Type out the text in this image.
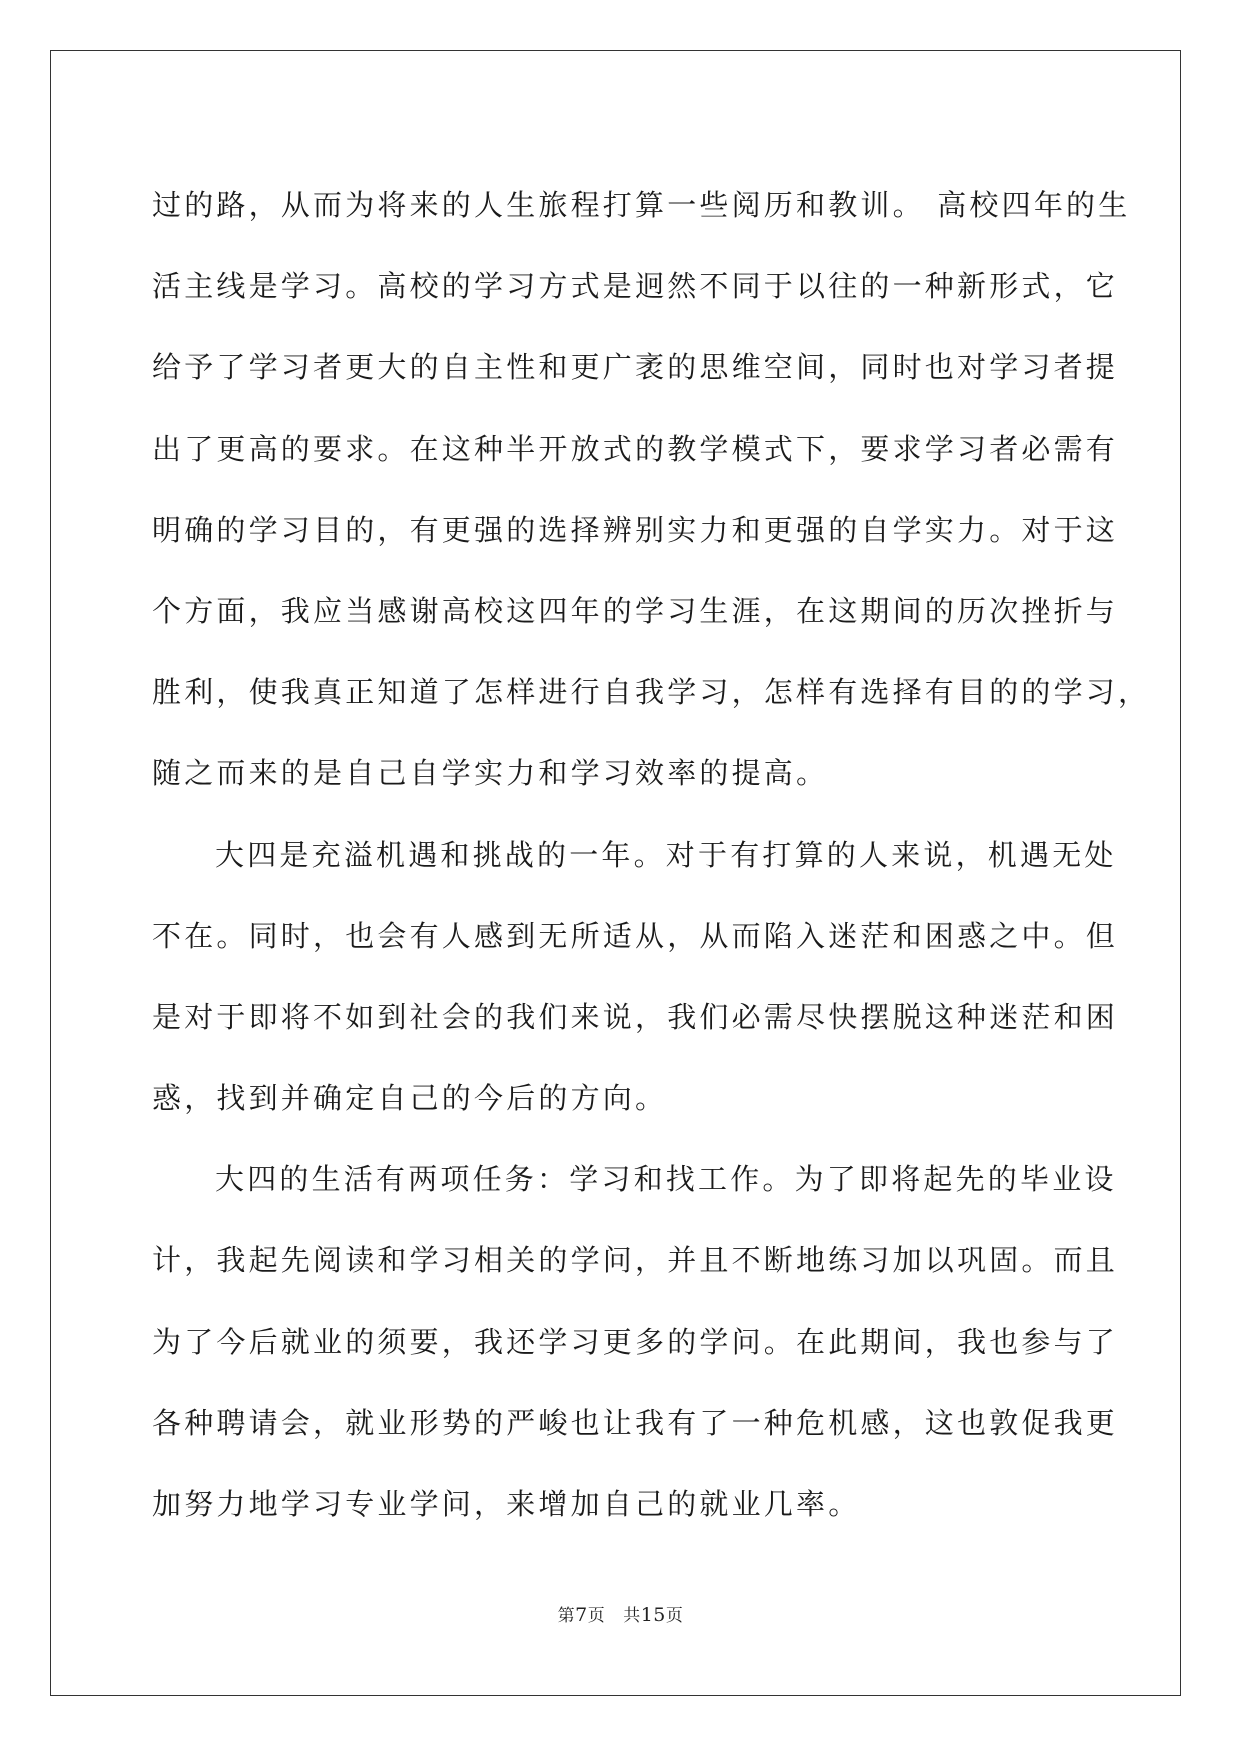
过的路，从而为将来的人生旅程打算一些阅历和教训。 高校四年的生
活主线是学习。高校的学习方式是迥然不同于以往的一种新形式，它
给予了学习者更大的自主性和更广袤的思维空间，同时也对学习者提
出了更高的要求。在这种半开放式的教学模式下，要求学习者必需有
明确的学习目的，有更强的选择辨别实力和更强的自学实力。对于这
个方面，我应当感谢高校这四年的学习生涯，在这期间的历次挫折与
胜利，使我真正知道了怎样进行自我学习，怎样有选择有目的的学习，
随之而来的是自己自学实力和学习效率的提高。
大四是充溢机遇和挑战的一年。对于有打算的人来说，机遇无处
不在。同时，也会有人感到无所适从，从而陷入迷茫和困惑之中。但
是对于即将不如到社会的我们来说，我们必需尽快摆脱这种迷茫和困
惑，找到并确定自己的今后的方向。
大四的生活有两项任务：学习和找工作。为了即将起先的毕业设
计，我起先阅读和学习相关的学问，并且不断地练习加以巩固。而且
为了今后就业的须要，我还学习更多的学问。在此期间，我也参与了
各种聘请会，就业形势的严峻也让我有了一种危机感，这也敦促我更
加努力地学习专业学问，来增加自己的就业几率。
第7页 共15页
